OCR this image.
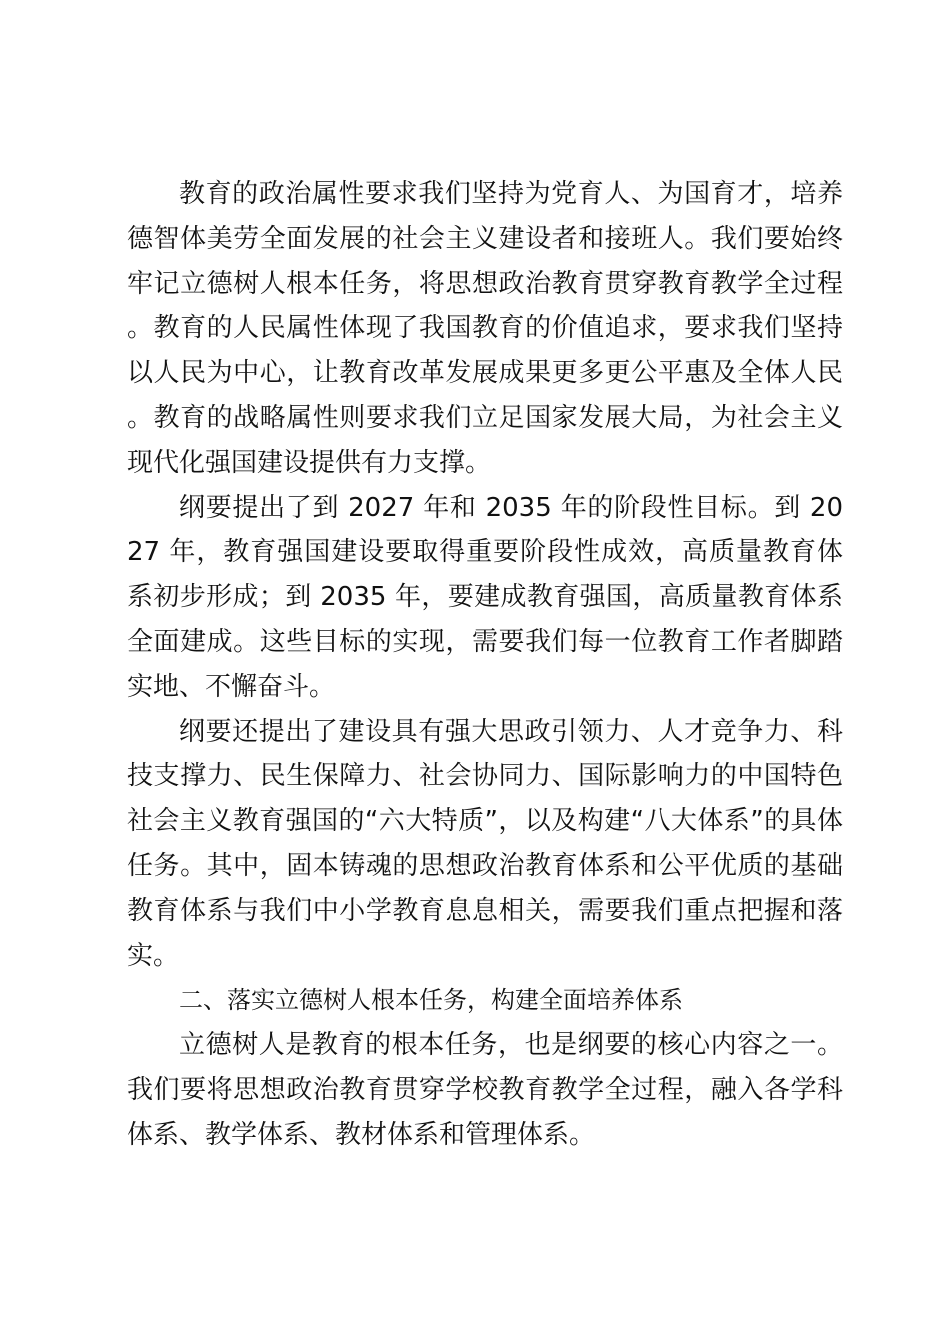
教育的政治属性要求我们坚持为党育人、为国育才，培养德智体美劳全面发展的社会主义建设者和接班人。我们要始终牢记立德树人根本任务，将思想政治教育贯穿教育教学全过程。教育的人民属性体现了我国教育的价值追求，要求我们坚持以人民为中心，让教育改革发展成果更多更公平惠及全体人民。教育的战略属性则要求我们立足国家发展大局，为社会主义现代化强国建设提供有力支撑。

纲要提出了到 2027 年和 2035 年的阶段性目标。到 2027 年，教育强国建设要取得重要阶段性成效，高质量教育体系初步形成；到 2035 年，要建成教育强国，高质量教育体系全面建成。这些目标的实现，需要我们每一位教育工作者脚踏实地、不懈奋斗。

纲要还提出了建设具有强大思政引领力、人才竞争力、科技支撑力、民生保障力、社会协同力、国际影响力的中国特色社会主义教育强国的“六大特质”，以及构建“八大体系”的具体任务。其中，固本铸魂的思想政治教育体系和公平优质的基础教育体系与我们中小学教育息息相关，需要我们重点把握和落实。

二、落实立德树人根本任务，构建全面培养体系

立德树人是教育的根本任务，也是纲要的核心内容之一。我们要将思想政治教育贯穿学校教育教学全过程，融入各学科体系、教学体系、教材体系和管理体系。
